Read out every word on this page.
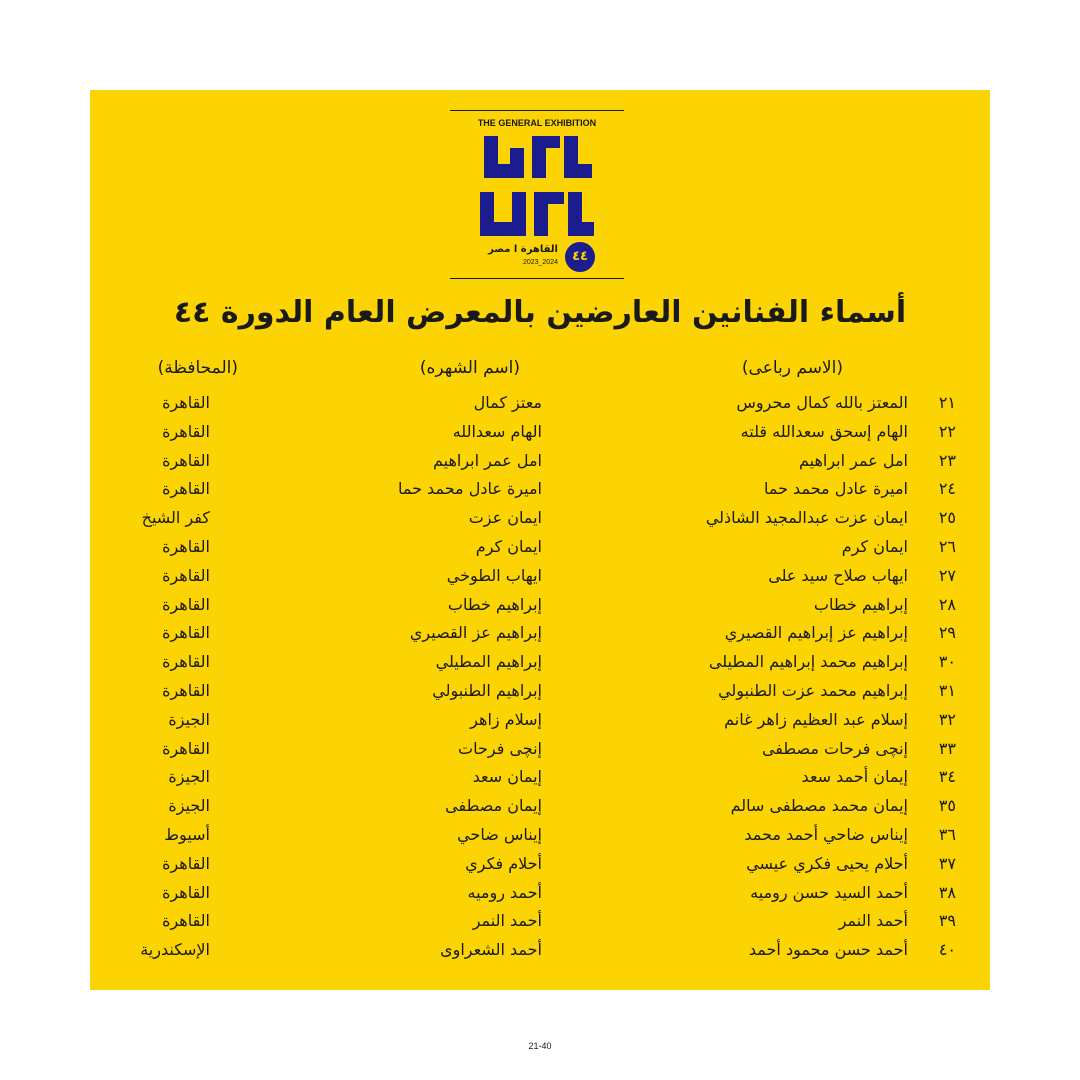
THE GENERAL EXHIBITION
٤٤
القاهرة ا مصر
2023_2024
أسماء الفنانين العارضين بالمعرض العام الدورة ٤٤
(الاسم رباعى)
(اسم الشهره)
(المحافظة)
٢١
المعتز بالله كمال محروس
معتز كمال
القاهرة
٢٢
الهام إسحق سعدالله قلته
الهام سعدالله
القاهرة
٢٣
امل عمر ابراهيم
امل عمر ابراهيم
القاهرة
٢٤
اميرة عادل محمد حما
اميرة عادل محمد حما
القاهرة
٢٥
ايمان عزت عبدالمجيد الشاذلي
ايمان عزت
كفر الشيخ
٢٦
ايمان كرم
ايمان كرم
القاهرة
٢٧
ايهاب صلاح سيد على
ايهاب الطوخي
القاهرة
٢٨
إبراهيم خطاب
إبراهيم خطاب
القاهرة
٢٩
إبراهيم عز إبراهيم القصيري
إبراهيم عز القصيري
القاهرة
٣٠
إبراهيم محمد إبراهيم المطيلى
إبراهيم المطيلي
القاهرة
٣١
إبراهيم محمد عزت الطنبولي
إبراهيم الطنبولي
القاهرة
٣٢
إسلام عبد العظيم زاهر غانم
إسلام زاهر
الجيزة
٣٣
إنچى فرحات مصطفى
إنچى فرحات
القاهرة
٣٤
إيمان أحمد سعد
إيمان سعد
الجيزة
٣٥
إيمان محمد مصطفى سالم
إيمان مصطفى
الجيزة
٣٦
إيناس ضاحي أحمد محمد
إيناس ضاحي
أسيوط
٣٧
أحلام يحيى فكري عيسي
أحلام فكري
القاهرة
٣٨
أحمد السيد حسن روميه
أحمد روميه
القاهرة
٣٩
أحمد النمر
أحمد النمر
القاهرة
٤٠
أحمد حسن محمود أحمد
أحمد الشعراوى
الإسكندرية
21-40
